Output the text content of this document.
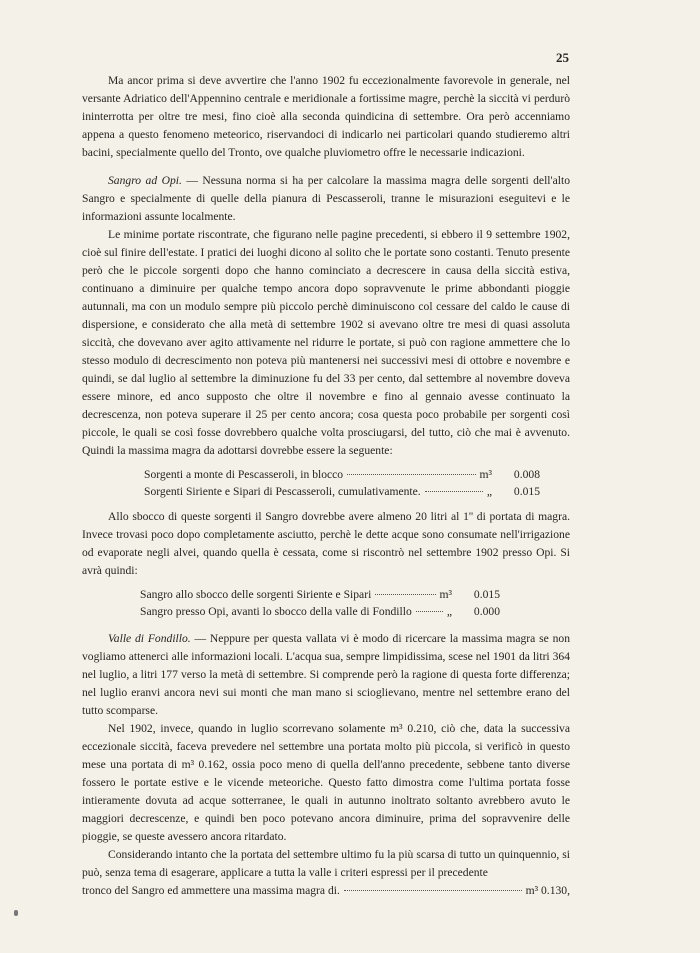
25

Ma ancor prima si deve avvertire che l'anno 1902 fu eccezionalmente favorevole in generale, nel versante Adriatico dell'Appennino centrale e meridionale a fortissime magre, perchè la siccità vi perdurò ininterrotta per oltre tre mesi, fino cioè alla seconda quindicina di settembre. Ora però accenniamo appena a questo fenomeno meteorico, riservandoci di indicarlo nei particolari quando studieremo altri bacini, specialmente quello del Tronto, ove qualche pluviometro offre le necessarie indicazioni.

Sangro ad Opi. — Nessuna norma si ha per calcolare la massima magra delle sorgenti dell'alto Sangro e specialmente di quelle della pianura di Pescasseroli, tranne le misurazioni eseguitevi e le informazioni assunte localmente.

Le minime portate riscontrate, che figurano nelle pagine precedenti, si ebbero il 9 settembre 1902, cioè sul finire dell'estate. I pratici dei luoghi dicono al solito che le portate sono costanti. Tenuto presente però che le piccole sorgenti dopo che hanno cominciato a decrescere in causa della siccità estiva, continuano a diminuire per qualche tempo ancora dopo sopravvenute le prime abbondanti pioggie autunnali, ma con un modulo sempre più piccolo perchè diminuiscono col cessare del caldo le cause di dispersione, e considerato che alla metà di settembre 1902 si avevano oltre tre mesi di quasi assoluta siccità, che dovevano aver agito attivamente nel ridurre le portate, si può con ragione ammettere che lo stesso modulo di decrescimento non poteva più mantenersi nei successivi mesi di ottobre e novembre e quindi, se dal luglio al settembre la diminuzione fu del 33 per cento, dal settembre al novembre doveva essere minore, ed anco supposto che oltre il novembre e fino al gennaio avesse continuato la decrescenza, non poteva superare il 25 per cento ancora; cosa questa poco probabile per sorgenti così piccole, le quali se così fosse dovrebbero qualche volta prosciugarsi, del tutto, ciò che mai è avvenuto. Quindi la massima magra da adottarsi dovrebbe essere la seguente:

Sorgenti a monte di Pescasseroli, in blocco	m³	0.008
Sorgenti Siriente e Sipari di Pescasseroli, cumulativamente.	„	0.015

Allo sbocco di queste sorgenti il Sangro dovrebbe avere almeno 20 litri al 1'' di portata di magra. Invece trovasi poco dopo completamente asciutto, perchè le dette acque sono consumate nell'irrigazione od evaporate negli alvei, quando quella è cessata, come si riscontrò nel settembre 1902 presso Opi. Si avrà quindi:

Sangro allo sbocco delle sorgenti Siriente e Sipari	m³	0.015
Sangro presso Opi, avanti lo sbocco della valle di Fondillo	„	0.000

Valle di Fondillo. — Neppure per questa vallata vi è modo di ricercare la massima magra se non vogliamo attenerci alle informazioni locali. L'acqua sua, sempre limpidissima, scese nel 1901 da litri 364 nel luglio, a litri 177 verso la metà di settembre. Si comprende però la ragione di questa forte differenza; nel luglio eranvi ancora nevi sui monti che man mano si scioglievano, mentre nel settembre erano del tutto scomparse.

Nel 1902, invece, quando in luglio scorrevano solamente m³ 0.210, ciò che, data la successiva eccezionale siccità, faceva prevedere nel settembre una portata molto più piccola, si verificò in questo mese una portata di m³ 0.162, ossia poco meno di quella dell'anno precedente, sebbene tanto diverse fossero le portate estive e le vicende meteoriche. Questo fatto dimostra come l'ultima portata fosse intieramente dovuta ad acque sotterranee, le quali in autunno inoltrato soltanto avrebbero avuto le maggiori decrescenze, e quindi ben poco potevano ancora diminuire, prima del sopravvenire delle pioggie, se queste avessero ancora ritardato.

Considerando intanto che la portata del settembre ultimo fu la più scarsa di tutto un quinquennio, si può, senza tema di esagerare, applicare a tutta la valle i criteri espressi per il precedente

tronco del Sangro ed ammettere una massima magra di.	m³ 0.130,
